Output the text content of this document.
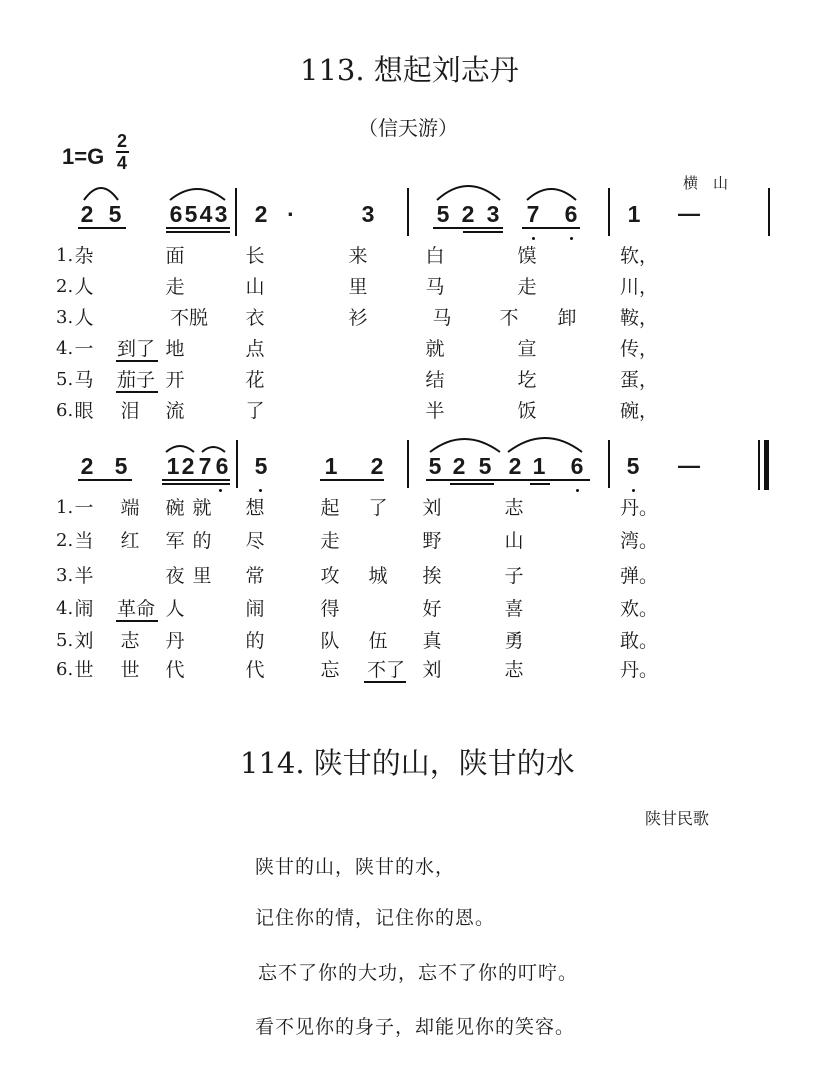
113. 想起刘志丹
（信天游）
1=G
2
4
横　山
2 5 6 5 4 3 2 ·	3	5 2 3 7 6 1 —
1. 杂	面	长	来	白	馍	软，
2. 人	走	山	里	马	走	川，
3. 人	不脱 衣	衫	马	不 卸 鞍，
4. 一 到了 地	点	就	宣	传，
5. 马 茄子 开	花	结	圪	蛋，
6. 眼 泪 流	了	半	饭	碗，
2 5 1 2 7 6 5 1 2 5 2 5 2 1 6 5 —
1. 一 端 碗 就 想	起 了 刘	志	丹。
2. 当 红 军 的 尽	走	野	山	湾。
3. 半	夜 里 常	攻 城 挨	子	弹。
4. 闹 革命 人	闹	得	好	喜	欢。
5. 刘 志 丹	的	队 伍 真	勇	敢。
6. 世 世 代	代	忘 不了 刘	志	丹。
114. 陕甘的山，陕甘的水
陕甘民歌
陕甘的山，陕甘的水，
记住你的情，记住你的恩。
忘不了你的大功，忘不了你的叮咛。
看不见你的身子，却能见你的笑容。
